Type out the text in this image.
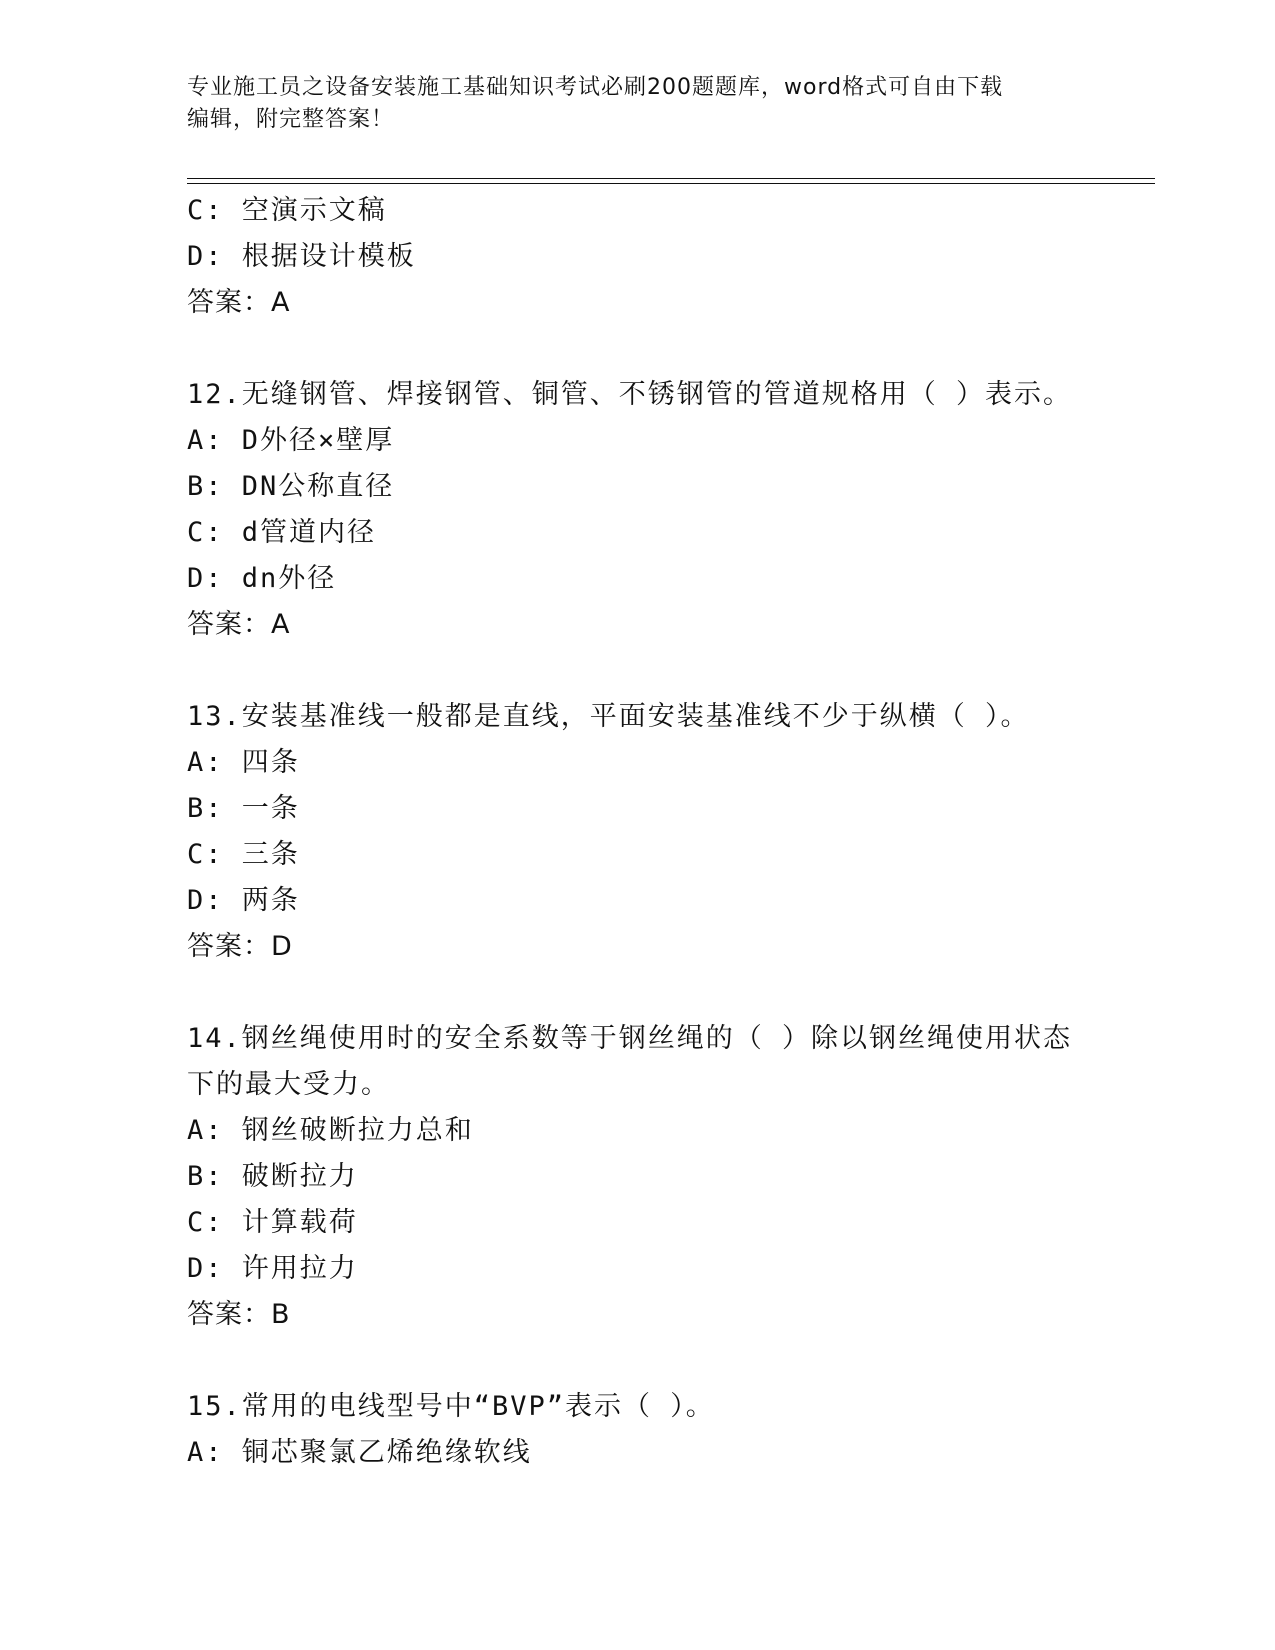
专业施工员之设备安装施工基础知识考试必刷200题题库，word格式可自由下载
编辑，附完整答案！
C: 空演示文稿
D: 根据设计模板
答案：A
12.无缝钢管、焊接钢管、铜管、不锈钢管的管道规格用（ ）表示。
A: D外径×壁厚
B: DN公称直径
C: d管道内径
D: dn外径
答案：A
13.安装基准线一般都是直线，平面安装基准线不少于纵横（ ）。
A: 四条
B: 一条
C: 三条
D: 两条
答案：D
14.钢丝绳使用时的安全系数等于钢丝绳的（ ）除以钢丝绳使用状态
下的最大受力。
A: 钢丝破断拉力总和
B: 破断拉力
C: 计算载荷
D: 许用拉力
答案：B
15.常用的电线型号中“BVP”表示（ ）。
A: 铜芯聚氯乙烯绝缘软线
